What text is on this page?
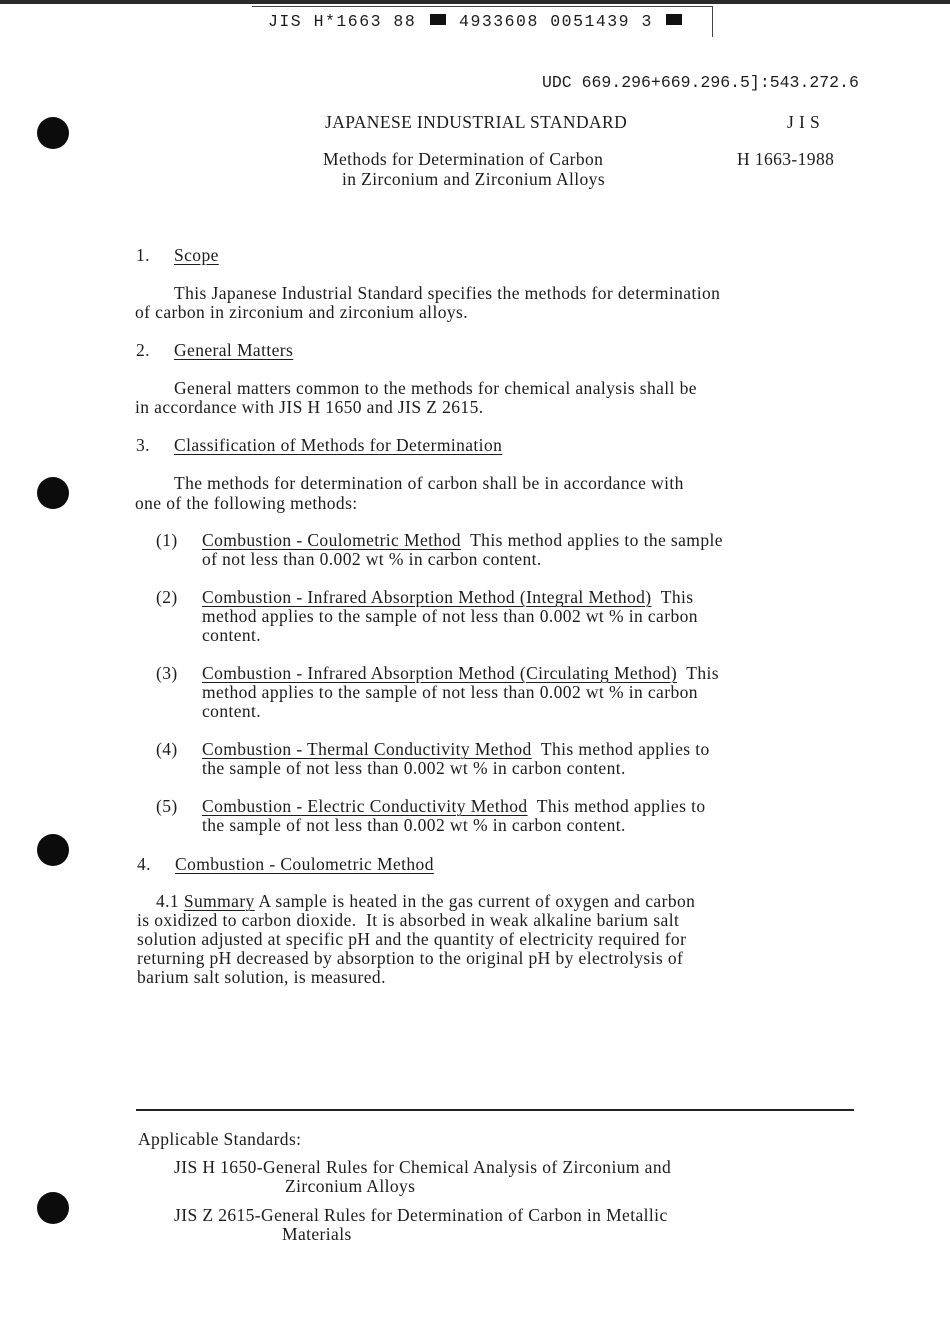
JIS H*1663 88	4933608 0051439 3
UDC 669.296+669.296.5]:543.272.6
JAPANESE INDUSTRIAL STANDARD	J I S
Methods for Determination of Carbon
in Zirconium and Zirconium Alloys
H 1663-1988
1. Scope
This Japanese Industrial Standard specifies the methods for determination
of carbon in zirconium and zirconium alloys.
2. General Matters
General matters common to the methods for chemical analysis shall be
in accordance with JIS H 1650 and JIS Z 2615.
3. Classification of Methods for Determination
The methods for determination of carbon shall be in accordance with
one of the following methods:
(1) Combustion - Coulometric Method  This method applies to the sample
of not less than 0.002 wt % in carbon content.
(2) Combustion - Infrared Absorption Method (Integral Method)  This
method applies to the sample of not less than 0.002 wt % in carbon
content.
(3) Combustion - Infrared Absorption Method (Circulating Method)  This
method applies to the sample of not less than 0.002 wt % in carbon
content.
(4) Combustion - Thermal Conductivity Method  This method applies to
the sample of not less than 0.002 wt % in carbon content.
(5) Combustion - Electric Conductivity Method  This method applies to
the sample of not less than 0.002 wt % in carbon content.
4. Combustion - Coulometric Method
4.1 Summary A sample is heated in the gas current of oxygen and carbon
is oxidized to carbon dioxide.  It is absorbed in weak alkaline barium salt
solution adjusted at specific pH and the quantity of electricity required for
returning pH decreased by absorption to the original pH by electrolysis of
barium salt solution, is measured.
Applicable Standards:
JIS H 1650-General Rules for Chemical Analysis of Zirconium and
Zirconium Alloys
JIS Z 2615-General Rules for Determination of Carbon in Metallic
Materials
